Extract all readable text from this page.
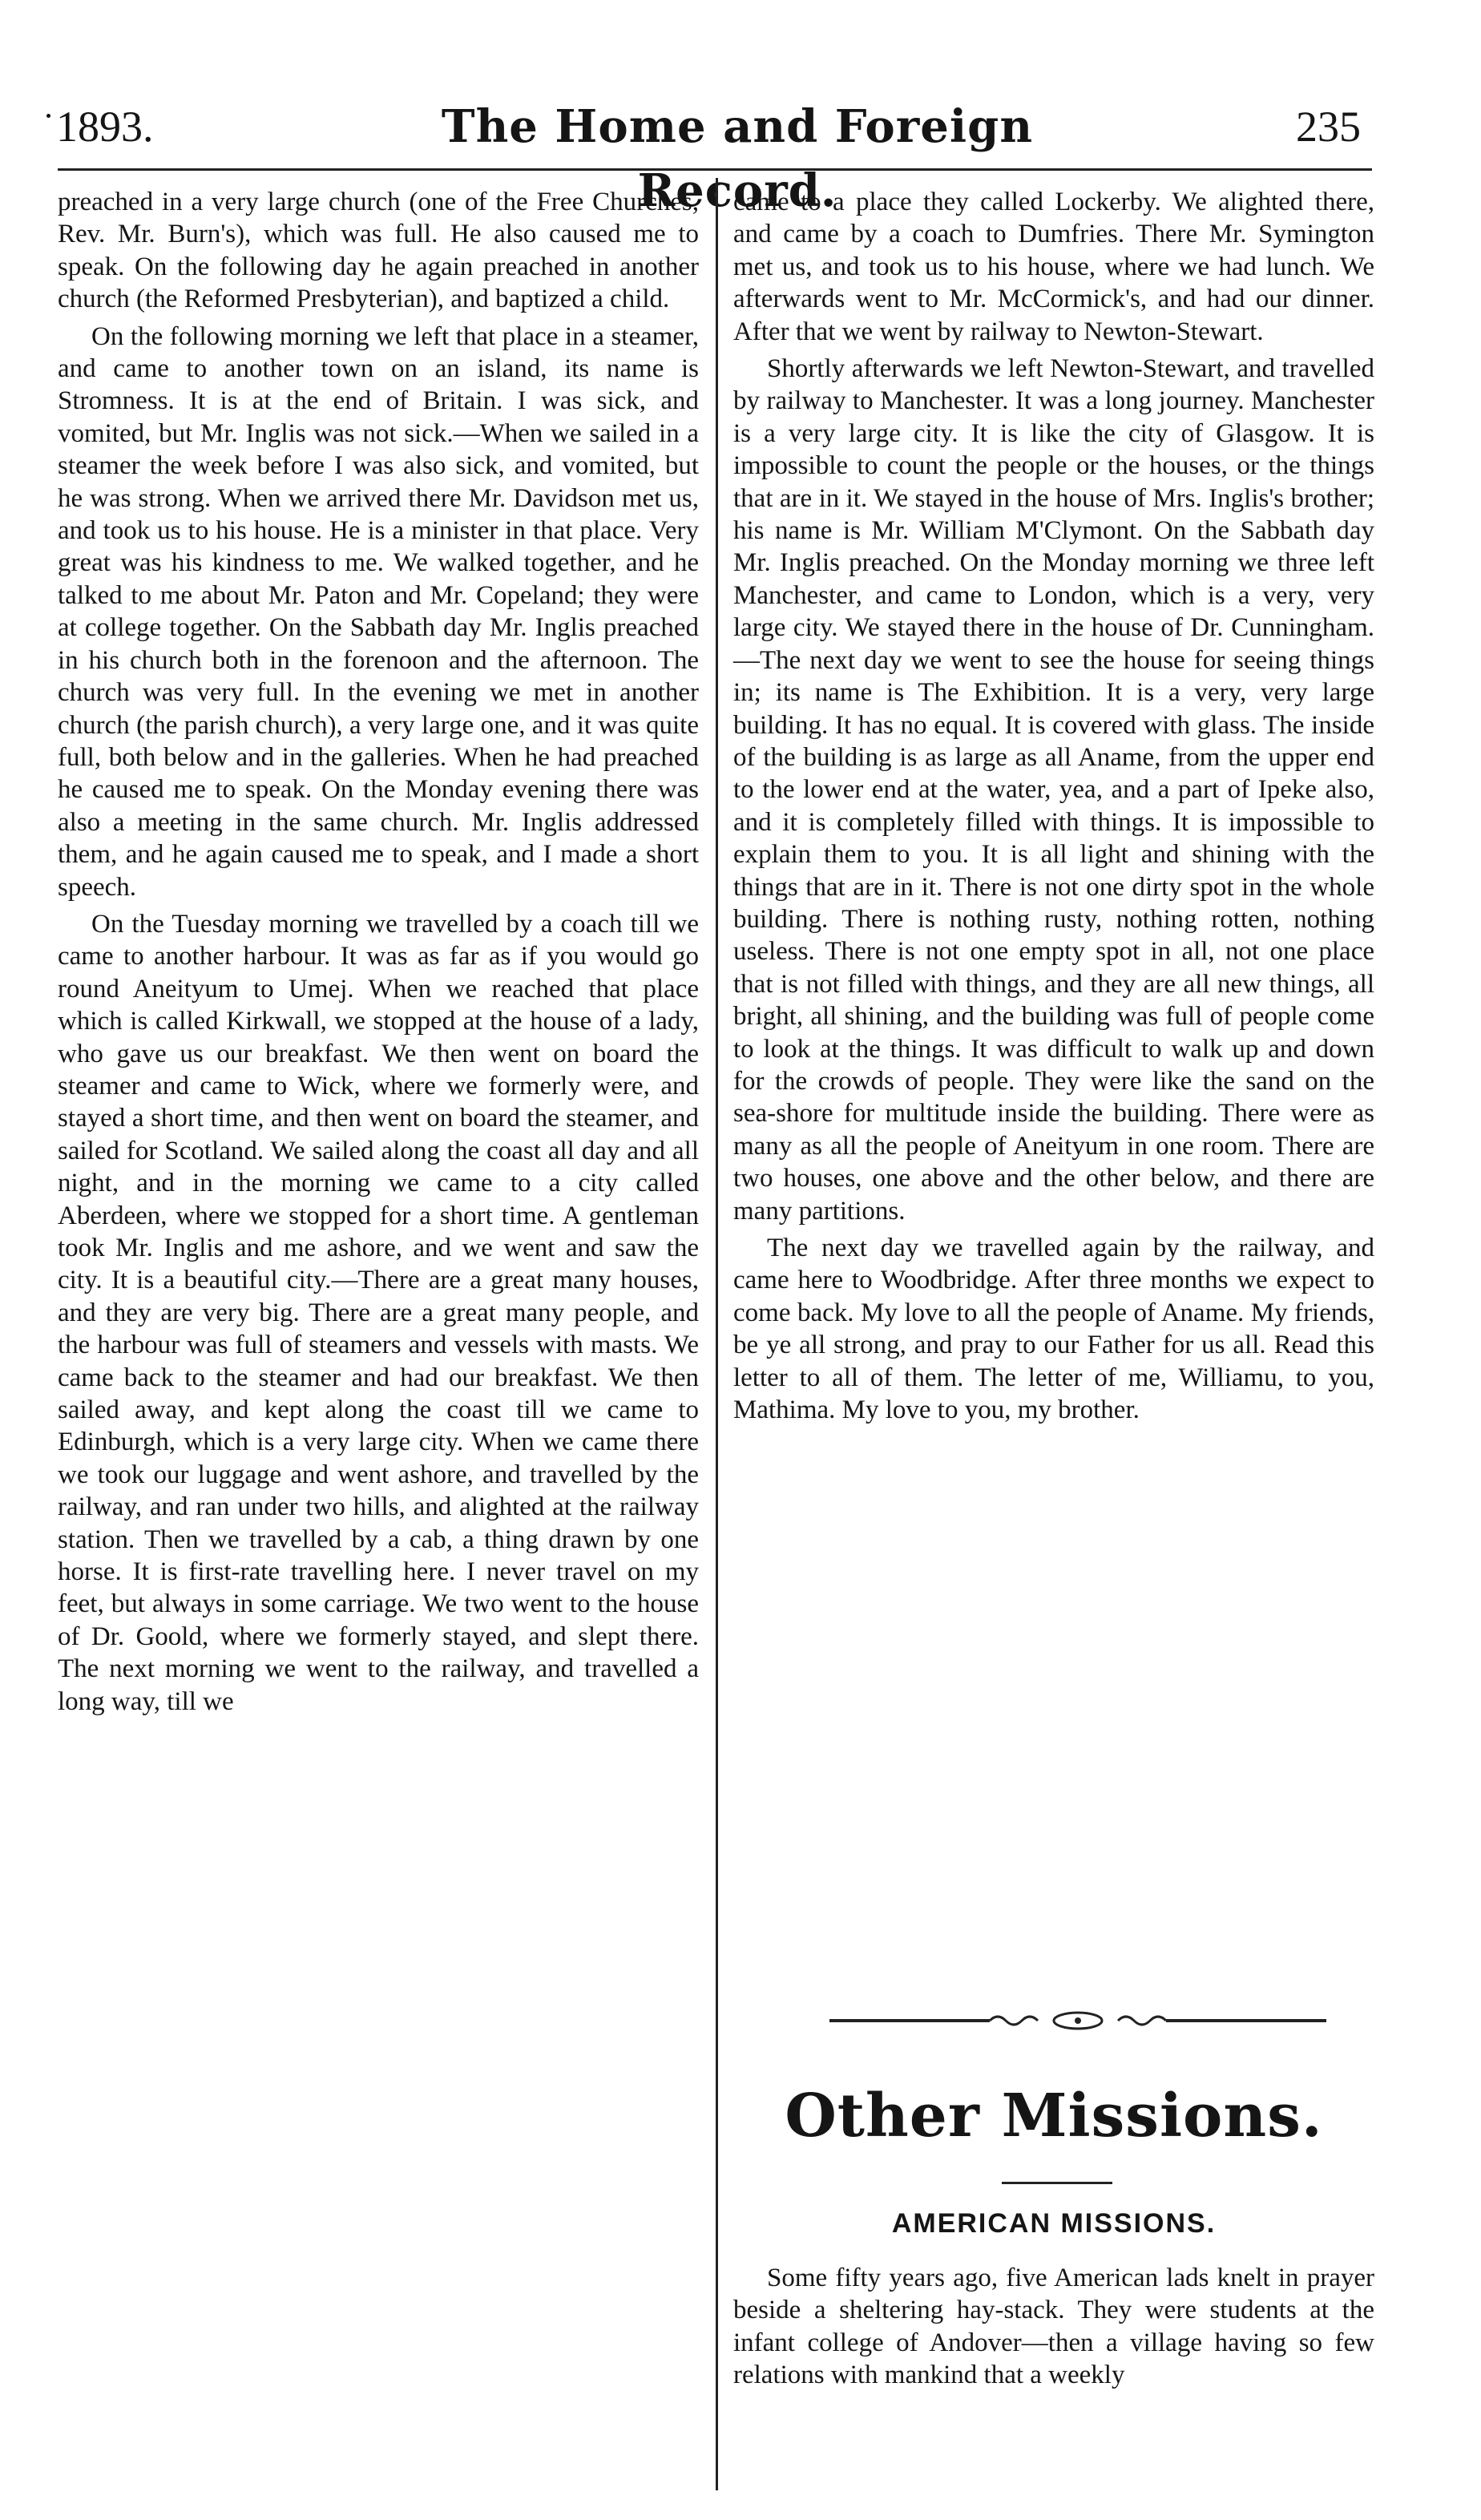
1893.	The Home and Foreign Record.
235

preached in a very large church (one of the Free Churches, Rev. Mr. Burn's), which was full. He also caused me to speak. On the following day he again preached in another church (the Reformed Presbyterian), and baptized a child.

On the following morning we left that place in a steamer, and came to another town on an island, its name is Stromness. It is at the end of Britain. I was sick, and vomited, but Mr. Inglis was not sick.—When we sailed in a steamer the week before I was also sick, and vomited, but he was strong. When we arrived there Mr. Davidson met us, and took us to his house. He is a minister in that place. Very great was his kindness to me. We walked together, and he talked to me about Mr. Paton and Mr. Copeland; they were at college together. On the Sabbath day Mr. Inglis preached in his church both in the forenoon and the afternoon. The church was very full. In the evening we met in another church (the parish church), a very large one, and it was quite full, both below and in the galleries. When he had preached he caused me to speak. On the Monday evening there was also a meeting in the same church. Mr. Inglis addressed them, and he again caused me to speak, and I made a short speech.

On the Tuesday morning we travelled by a coach till we came to another harbour. It was as far as if you would go round Aneityum to Umej. When we reached that place which is called Kirkwall, we stopped at the house of a lady, who gave us our breakfast. We then went on board the steamer and came to Wick, where we formerly were, and stayed a short time, and then went on board the steamer, and sailed for Scotland. We sailed along the coast all day and all night, and in the morning we came to a city called Aberdeen, where we stopped for a short time. A gentleman took Mr. Inglis and me ashore, and we went and saw the city. It is a beautiful city.—There are a great many houses, and they are very big. There are a great many people, and the harbour was full of steamers and vessels with masts. We came back to the steamer and had our breakfast. We then sailed away, and kept along the coast till we came to Edinburgh, which is a very large city. When we came there we took our luggage and went ashore, and travelled by the railway, and ran under two hills, and alighted at the railway station. Then we travelled by a cab, a thing drawn by one horse. It is first-rate travelling here. I never travel on my feet, but always in some carriage. We two went to the house of Dr. Goold, where we formerly stayed, and slept there. The next morning we went to the railway, and travelled a long way, till we

came to a place they called Lockerby. We alighted there, and came by a coach to Dumfries. There Mr. Symington met us, and took us to his house, where we had lunch. We afterwards went to Mr. McCormick's, and had our dinner. After that we went by railway to Newton-Stewart.

Shortly afterwards we left Newton-Stewart, and travelled by railway to Manchester. It was a long journey. Manchester is a very large city. It is like the city of Glasgow. It is impossible to count the people or the houses, or the things that are in it. We stayed in the house of Mrs. Inglis's brother; his name is Mr. William M'Clymont. On the Sabbath day Mr. Inglis preached. On the Monday morning we three left Manchester, and came to London, which is a very, very large city. We stayed there in the house of Dr. Cunningham.—The next day we went to see the house for seeing things in; its name is The Exhibition. It is a very, very large building. It has no equal. It is covered with glass. The inside of the building is as large as all Aname, from the upper end to the lower end at the water, yea, and a part of Ipeke also, and it is completely filled with things. It is impossible to explain them to you. It is all light and shining with the things that are in it. There is not one dirty spot in the whole building. There is nothing rusty, nothing rotten, nothing useless. There is not one empty spot in all, not one place that is not filled with things, and they are all new things, all bright, all shining, and the building was full of people come to look at the things. It was difficult to walk up and down for the crowds of people. They were like the sand on the sea-shore for multitude inside the building. There were as many as all the people of Aneityum in one room. There are two houses, one above and the other below, and there are many partitions.

The next day we travelled again by the railway, and came here to Woodbridge. After three months we expect to come back. My love to all the people of Aname. My friends, be ye all strong, and pray to our Father for us all. Read this letter to all of them. The letter of me, Williamu, to you, Mathima. My love to you, my brother.

Other Missions.
AMERICAN MISSIONS.

Some fifty years ago, five American lads knelt in prayer beside a sheltering hay-stack. They were students at the infant college of Andover—then a village having so few relations with mankind that a weekly
